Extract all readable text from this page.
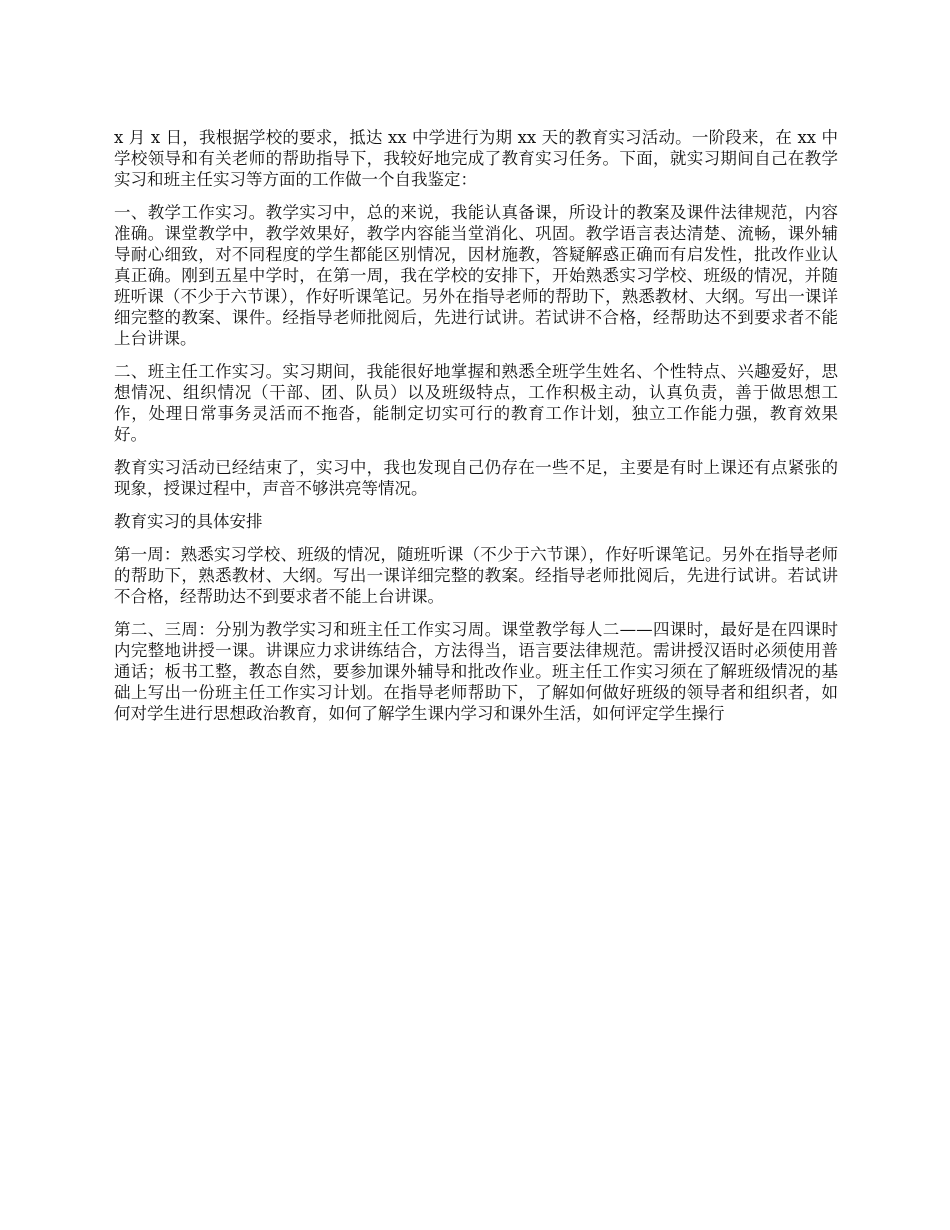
x 月 x 日，我根据学校的要求，抵达 xx 中学进行为期 xx 天的教育实习活动。一阶段来，在 xx 中学校领导和有关老师的帮助指导下，我较好地完成了教育实习任务。下面，就实习期间自己在教学实习和班主任实习等方面的工作做一个自我鉴定：

一、教学工作实习。教学实习中，总的来说，我能认真备课，所设计的教案及课件法律规范，内容准确。课堂教学中，教学效果好，教学内容能当堂消化、巩固。教学语言表达清楚、流畅，课外辅导耐心细致，对不同程度的学生都能区别情况，因材施教，答疑解惑正确而有启发性，批改作业认真正确。刚到五星中学时，在第一周，我在学校的安排下，开始熟悉实习学校、班级的情况，并随班听课（不少于六节课），作好听课笔记。另外在指导老师的帮助下，熟悉教材、大纲。写出一课详细完整的教案、课件。经指导老师批阅后，先进行试讲。若试讲不合格，经帮助达不到要求者不能上台讲课。

二、班主任工作实习。实习期间，我能很好地掌握和熟悉全班学生姓名、个性特点、兴趣爱好，思想情况、组织情况（干部、团、队员）以及班级特点，工作积极主动，认真负责，善于做思想工作，处理日常事务灵活而不拖沓，能制定切实可行的教育工作计划，独立工作能力强，教育效果好。

教育实习活动已经结束了，实习中，我也发现自己仍存在一些不足，主要是有时上课还有点紧张的现象，授课过程中，声音不够洪亮等情况。

教育实习的具体安排

第一周：熟悉实习学校、班级的情况，随班听课（不少于六节课），作好听课笔记。另外在指导老师的帮助下，熟悉教材、大纲。写出一课详细完整的教案。经指导老师批阅后，先进行试讲。若试讲不合格，经帮助达不到要求者不能上台讲课。

第二、三周：分别为教学实习和班主任工作实习周。课堂教学每人二——四课时，最好是在四课时内完整地讲授一课。讲课应力求讲练结合，方法得当，语言要法律规范。需讲授汉语时必须使用普通话；板书工整，教态自然，要参加课外辅导和批改作业。班主任工作实习须在了解班级情况的基础上写出一份班主任工作实习计划。在指导老师帮助下，了解如何做好班级的领导者和组织者，如何对学生进行思想政治教育，如何了解学生课内学习和课外生活，如何评定学生操行
